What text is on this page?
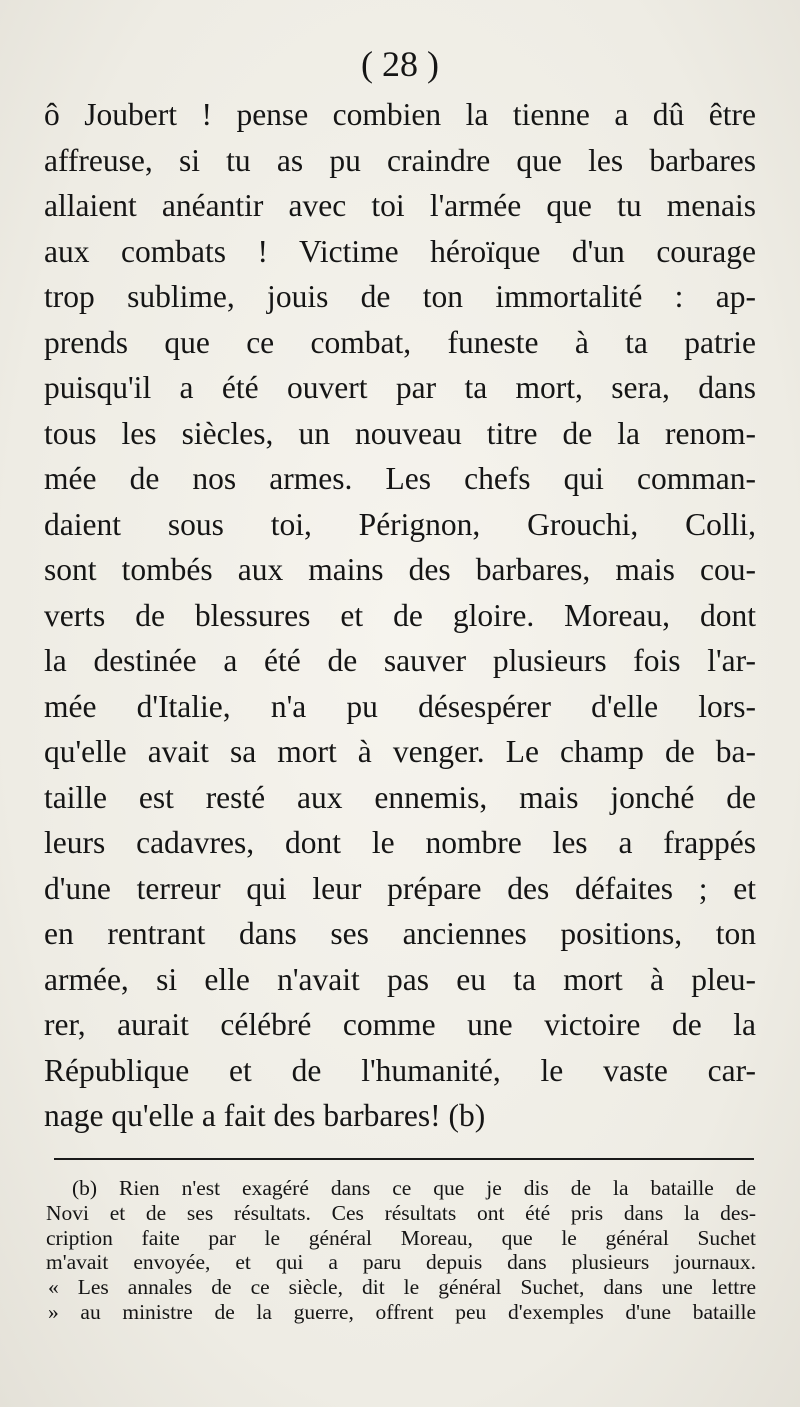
( 28 )
ô Joubert ! pense combien la tienne a dû être
affreuse, si tu as pu craindre que les barbares
allaient anéantir avec toi l'armée que tu menais
aux combats ! Victime héroïque d'un courage
trop sublime, jouis de ton immortalité : ap-
prends que ce combat, funeste à ta patrie
puisqu'il a été ouvert par ta mort, sera, dans
tous les siècles, un nouveau titre de la renom-
mée de nos armes. Les chefs qui comman-
daient sous toi, Pérignon, Grouchi, Colli,
sont tombés aux mains des barbares, mais cou-
verts de blessures et de gloire. Moreau, dont
la destinée a été de sauver plusieurs fois l'ar-
mée d'Italie, n'a pu désespérer d'elle lors-
qu'elle avait sa mort à venger. Le champ de ba-
taille est resté aux ennemis, mais jonché de
leurs cadavres, dont le nombre les a frappés
d'une terreur qui leur prépare des défaites ; et
en rentrant dans ses anciennes positions, ton
armée, si elle n'avait pas eu ta mort à pleu-
rer, aurait célébré comme une victoire de la
République et de l'humanité, le vaste car-
nage qu'elle a fait des barbares! (b)
(b) Rien n'est exagéré dans ce que je dis de la bataille de
Novi et de ses résultats. Ces résultats ont été pris dans la des-
cription faite par le général Moreau, que le général Suchet
m'avait envoyée, et qui a paru depuis dans plusieurs journaux.
« Les annales de ce siècle, dit le général Suchet, dans une lettre
» au ministre de la guerre, offrent peu d'exemples d'une bataille
